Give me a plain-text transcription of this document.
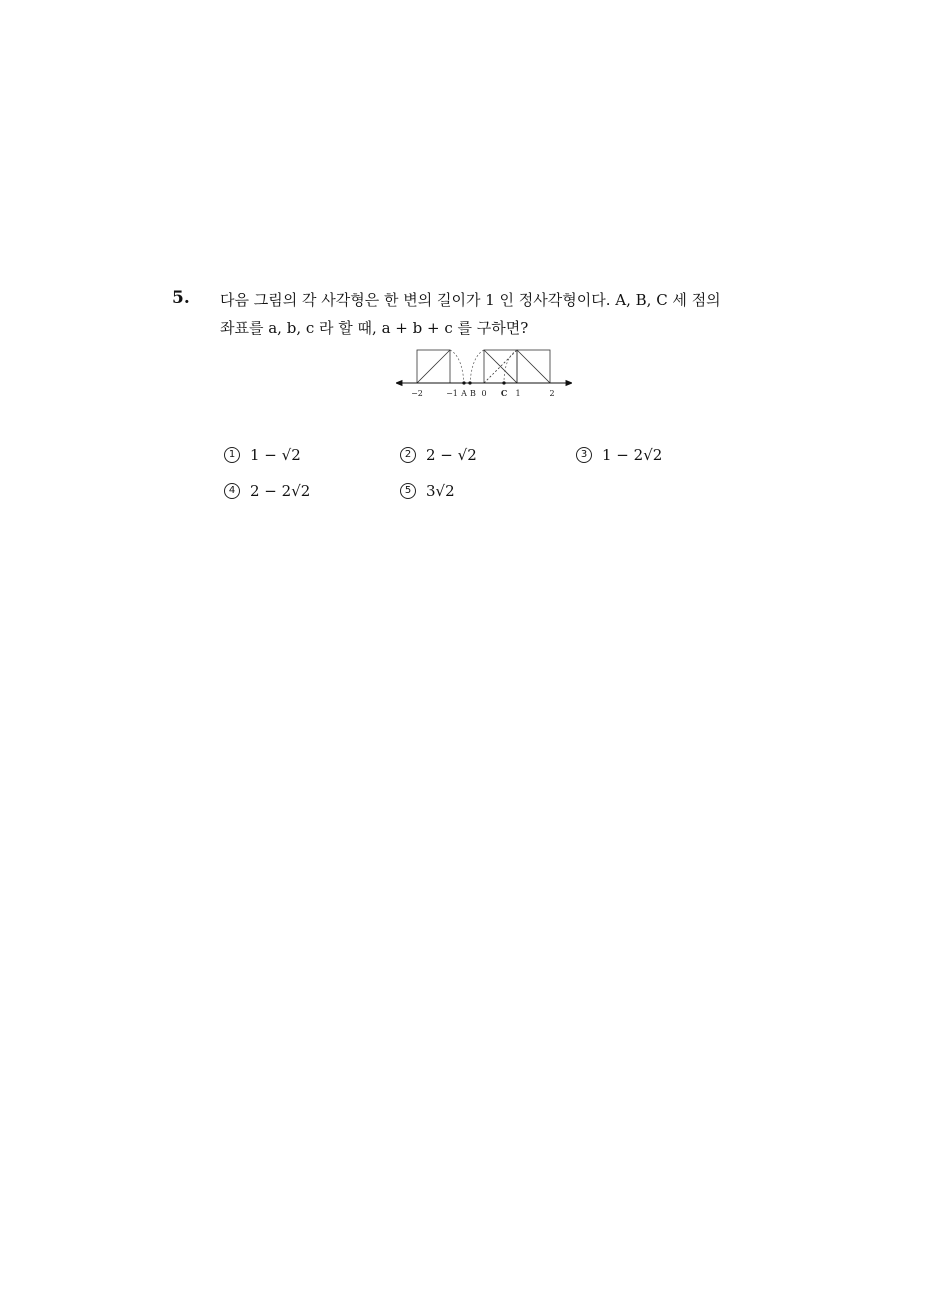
5. 다음 그림의 각 사각형은 한 변의 길이가 1 인 정사각형이다. A, B, C 세 점의
좌표를 a, b, c 라 할 때, a + b + c 를 구하면?
−2	−1 A B 0 C 1	2
1 1 − √2	2 2 − √2	3 1 − 2√2
4 2 − 2√2	5 3√2
